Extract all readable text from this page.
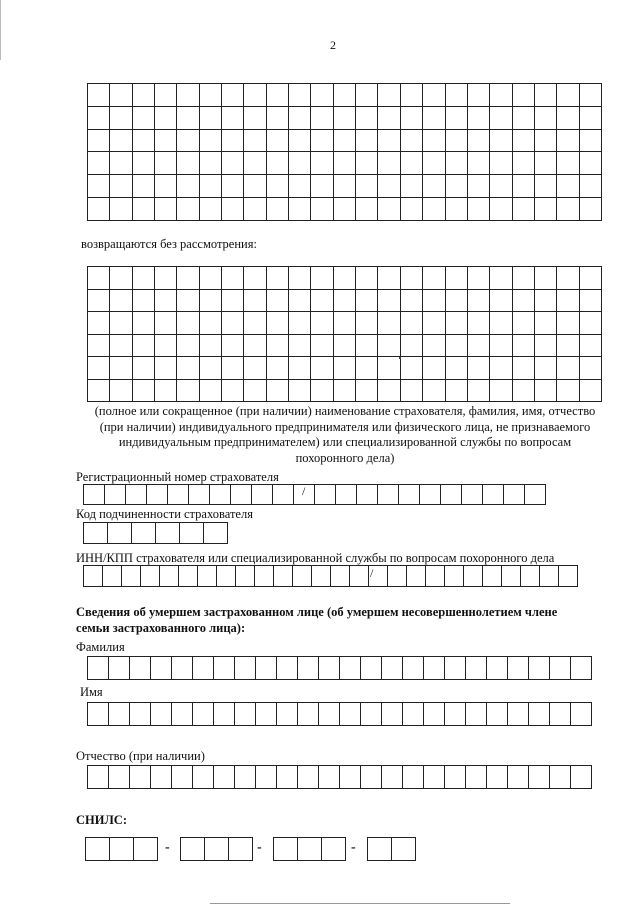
2

возвращаются без рассмотрения:

(полное или сокращенное (при наличии) наименование страхователя, фамилия, имя, отчество
(при наличии) индивидуального предпринимателя или физического лица, не признаваемого
индивидуальным предпринимателем) или специализированной службы по вопросам
похоронного дела)
Регистрационный номер страхователя
/
Код подчиненности страхователя
ИНН/КПП страхователя или специализированной службы по вопросам похоронного дела
/
Сведения об умершем застрахованном лице (об умершем несовершеннолетием члене
семьи застрахованного лица):
Фамилия
Имя
Отчество (при наличии)
СНИЛС:
-	-	-
